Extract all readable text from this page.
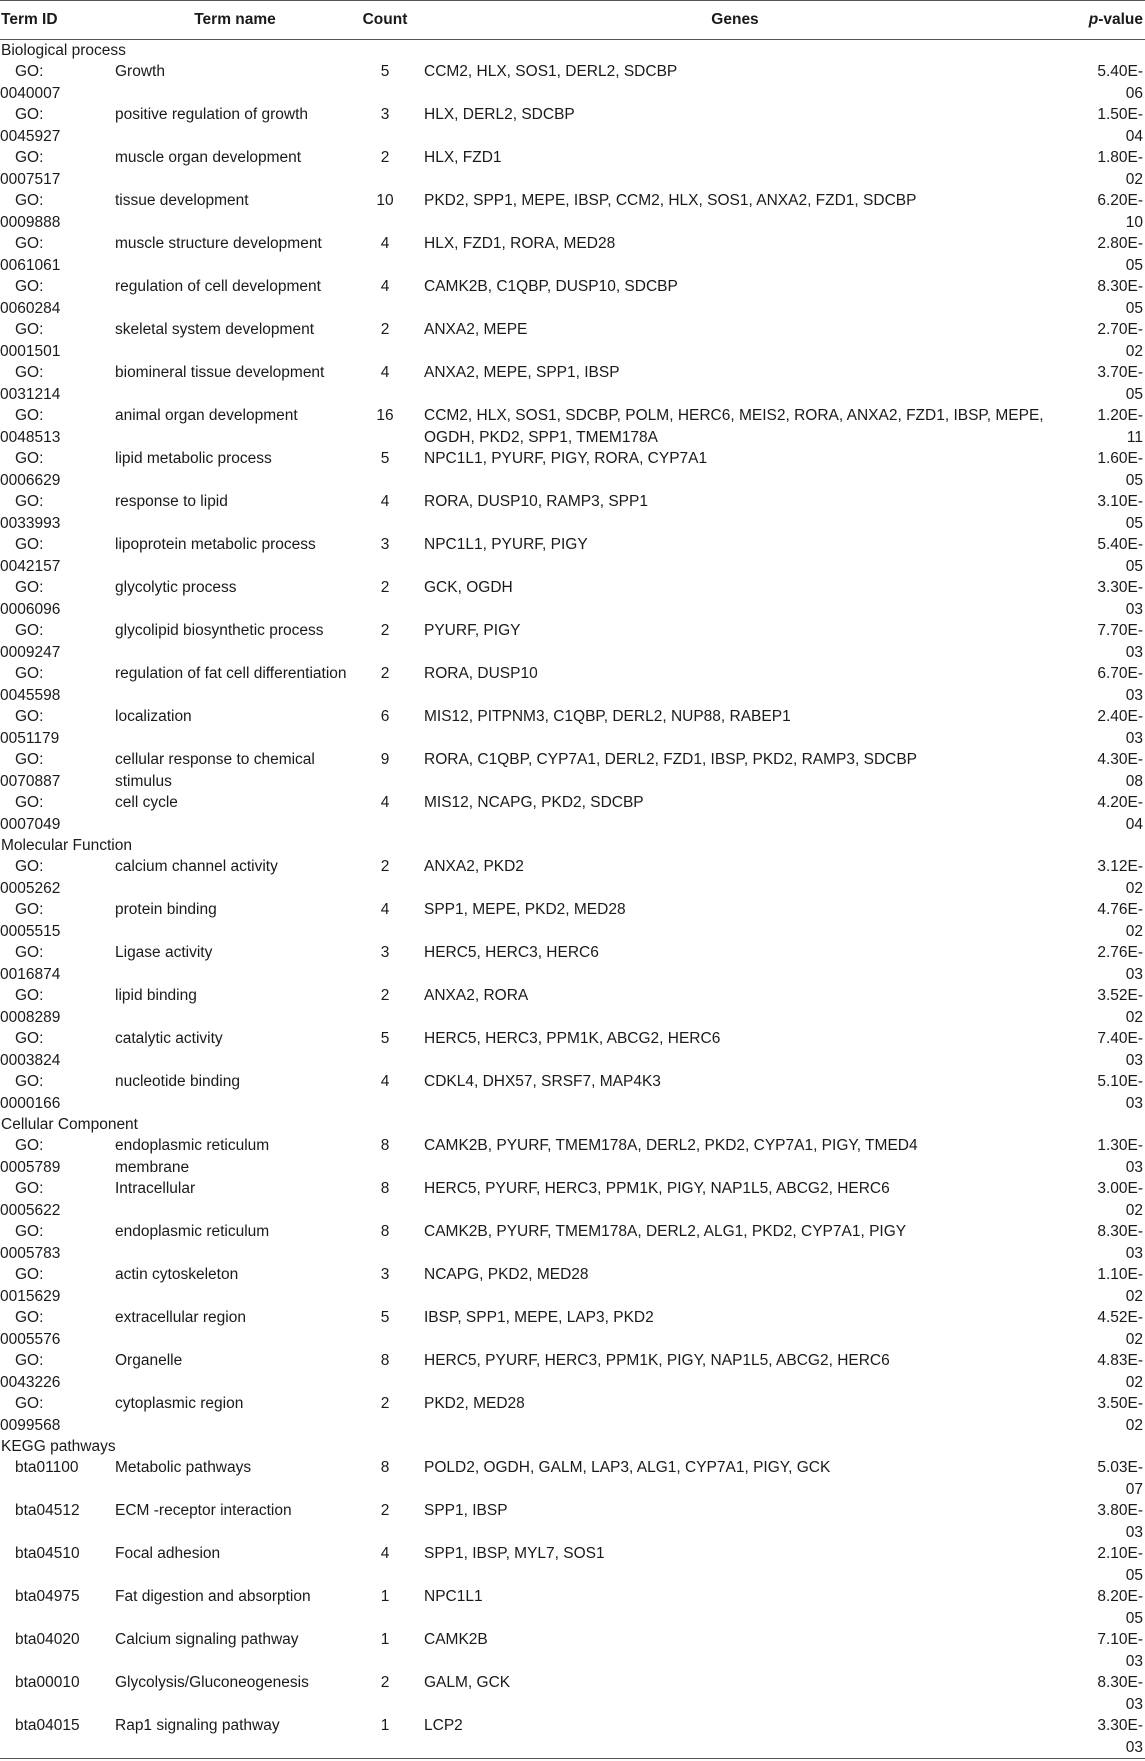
Term ID	Term name	Count	Genes	p-value
Biological process				
GO:
0040007	Growth	5	CCM2, HLX, SOS1, DERL2, SDCBP	5.40E-
06

GO:
0045927	positive regulation of growth	3	HLX, DERL2, SDCBP	1.50E-
04

GO:
0007517	muscle organ development	2	HLX, FZD1	1.80E-
02

GO:
0009888	tissue development	10	PKD2, SPP1, MEPE, IBSP, CCM2, HLX, SOS1, ANXA2, FZD1, SDCBP	6.20E-
10

GO:
0061061	muscle structure development	4	HLX, FZD1, RORA, MED28	2.80E-
05

GO:
0060284	regulation of cell development	4	CAMK2B, C1QBP, DUSP10, SDCBP	8.30E-
05

GO:
0001501	skeletal system development	2	ANXA2, MEPE	2.70E-
02

GO:
0031214	biomineral tissue development	4	ANXA2, MEPE, SPP1, IBSP	3.70E-
05

GO:
0048513	animal organ development	16	CCM2, HLX, SOS1, SDCBP, POLM, HERC6, MEIS2, RORA, ANXA2, FZD1, IBSP, MEPE, OGDH, PKD2, SPP1, TMEM178A	1.20E-
11

GO:
0006629	lipid metabolic process	5	NPC1L1, PYURF, PIGY, RORA, CYP7A1	1.60E-
05

GO:
0033993	response to lipid	4	RORA, DUSP10, RAMP3, SPP1	3.10E-
05

GO:
0042157	lipoprotein metabolic process	3	NPC1L1, PYURF, PIGY	5.40E-
05

GO:
0006096	glycolytic process	2	GCK, OGDH	3.30E-
03

GO:
0009247	glycolipid biosynthetic process	2	PYURF, PIGY	7.70E-
03

GO:
0045598	regulation of fat cell differentiation	2	RORA, DUSP10	6.70E-
03

GO:
0051179	localization	6	MIS12, PITPNM3, C1QBP, DERL2, NUP88, RABEP1	2.40E-
03

GO:
0070887	cellular response to chemical stimulus	9	RORA, C1QBP, CYP7A1, DERL2, FZD1, IBSP, PKD2, RAMP3, SDCBP	4.30E-
08

GO:
0007049	cell cycle	4	MIS12, NCAPG, PKD2, SDCBP	4.20E-
04

Molecular Function				
GO:
0005262	calcium channel activity	2	ANXA2, PKD2	3.12E-
02

GO:
0005515	protein binding	4	SPP1, MEPE, PKD2, MED28	4.76E-
02

GO:
0016874	Ligase activity	3	HERC5, HERC3, HERC6	2.76E-
03

GO:
0008289	lipid binding	2	ANXA2, RORA	3.52E-
02

GO:
0003824	catalytic activity	5	HERC5, HERC3, PPM1K, ABCG2, HERC6	7.40E-
03

GO:
0000166	nucleotide binding	4	CDKL4, DHX57, SRSF7, MAP4K3	5.10E-
03

Cellular Component				
GO:
0005789	endoplasmic reticulum membrane	8	CAMK2B, PYURF, TMEM178A, DERL2, PKD2, CYP7A1, PIGY, TMED4	1.30E-
03

GO:
0005622	Intracellular	8	HERC5, PYURF, HERC3, PPM1K, PIGY, NAP1L5, ABCG2, HERC6	3.00E-
02

GO:
0005783	endoplasmic reticulum	8	CAMK2B, PYURF, TMEM178A, DERL2, ALG1, PKD2, CYP7A1, PIGY	8.30E-
03

GO:
0015629	actin cytoskeleton	3	NCAPG, PKD2, MED28	1.10E-
02

GO:
0005576	extracellular region	5	IBSP, SPP1, MEPE, LAP3, PKD2	4.52E-
02

GO:
0043226	Organelle	8	HERC5, PYURF, HERC3, PPM1K, PIGY, NAP1L5, ABCG2, HERC6	4.83E-
02

GO:
0099568	cytoplasmic region	2	PKD2, MED28	3.50E-
02

KEGG pathways				
bta01100	Metabolic pathways	8	POLD2, OGDH, GALM, LAP3, ALG1, CYP7A1, PIGY, GCK	5.03E-
07

bta04512	ECM -receptor interaction	2	SPP1, IBSP	3.80E-
03

bta04510	Focal adhesion	4	SPP1, IBSP, MYL7, SOS1	2.10E-
05

bta04975	Fat digestion and absorption	1	NPC1L1	8.20E-
05

bta04020	Calcium signaling pathway	1	CAMK2B	7.10E-
03

bta00010	Glycolysis/Gluconeogenesis	2	GALM, GCK	8.30E-
03

bta04015	Rap1 signaling pathway	1	LCP2	3.30E-
03
